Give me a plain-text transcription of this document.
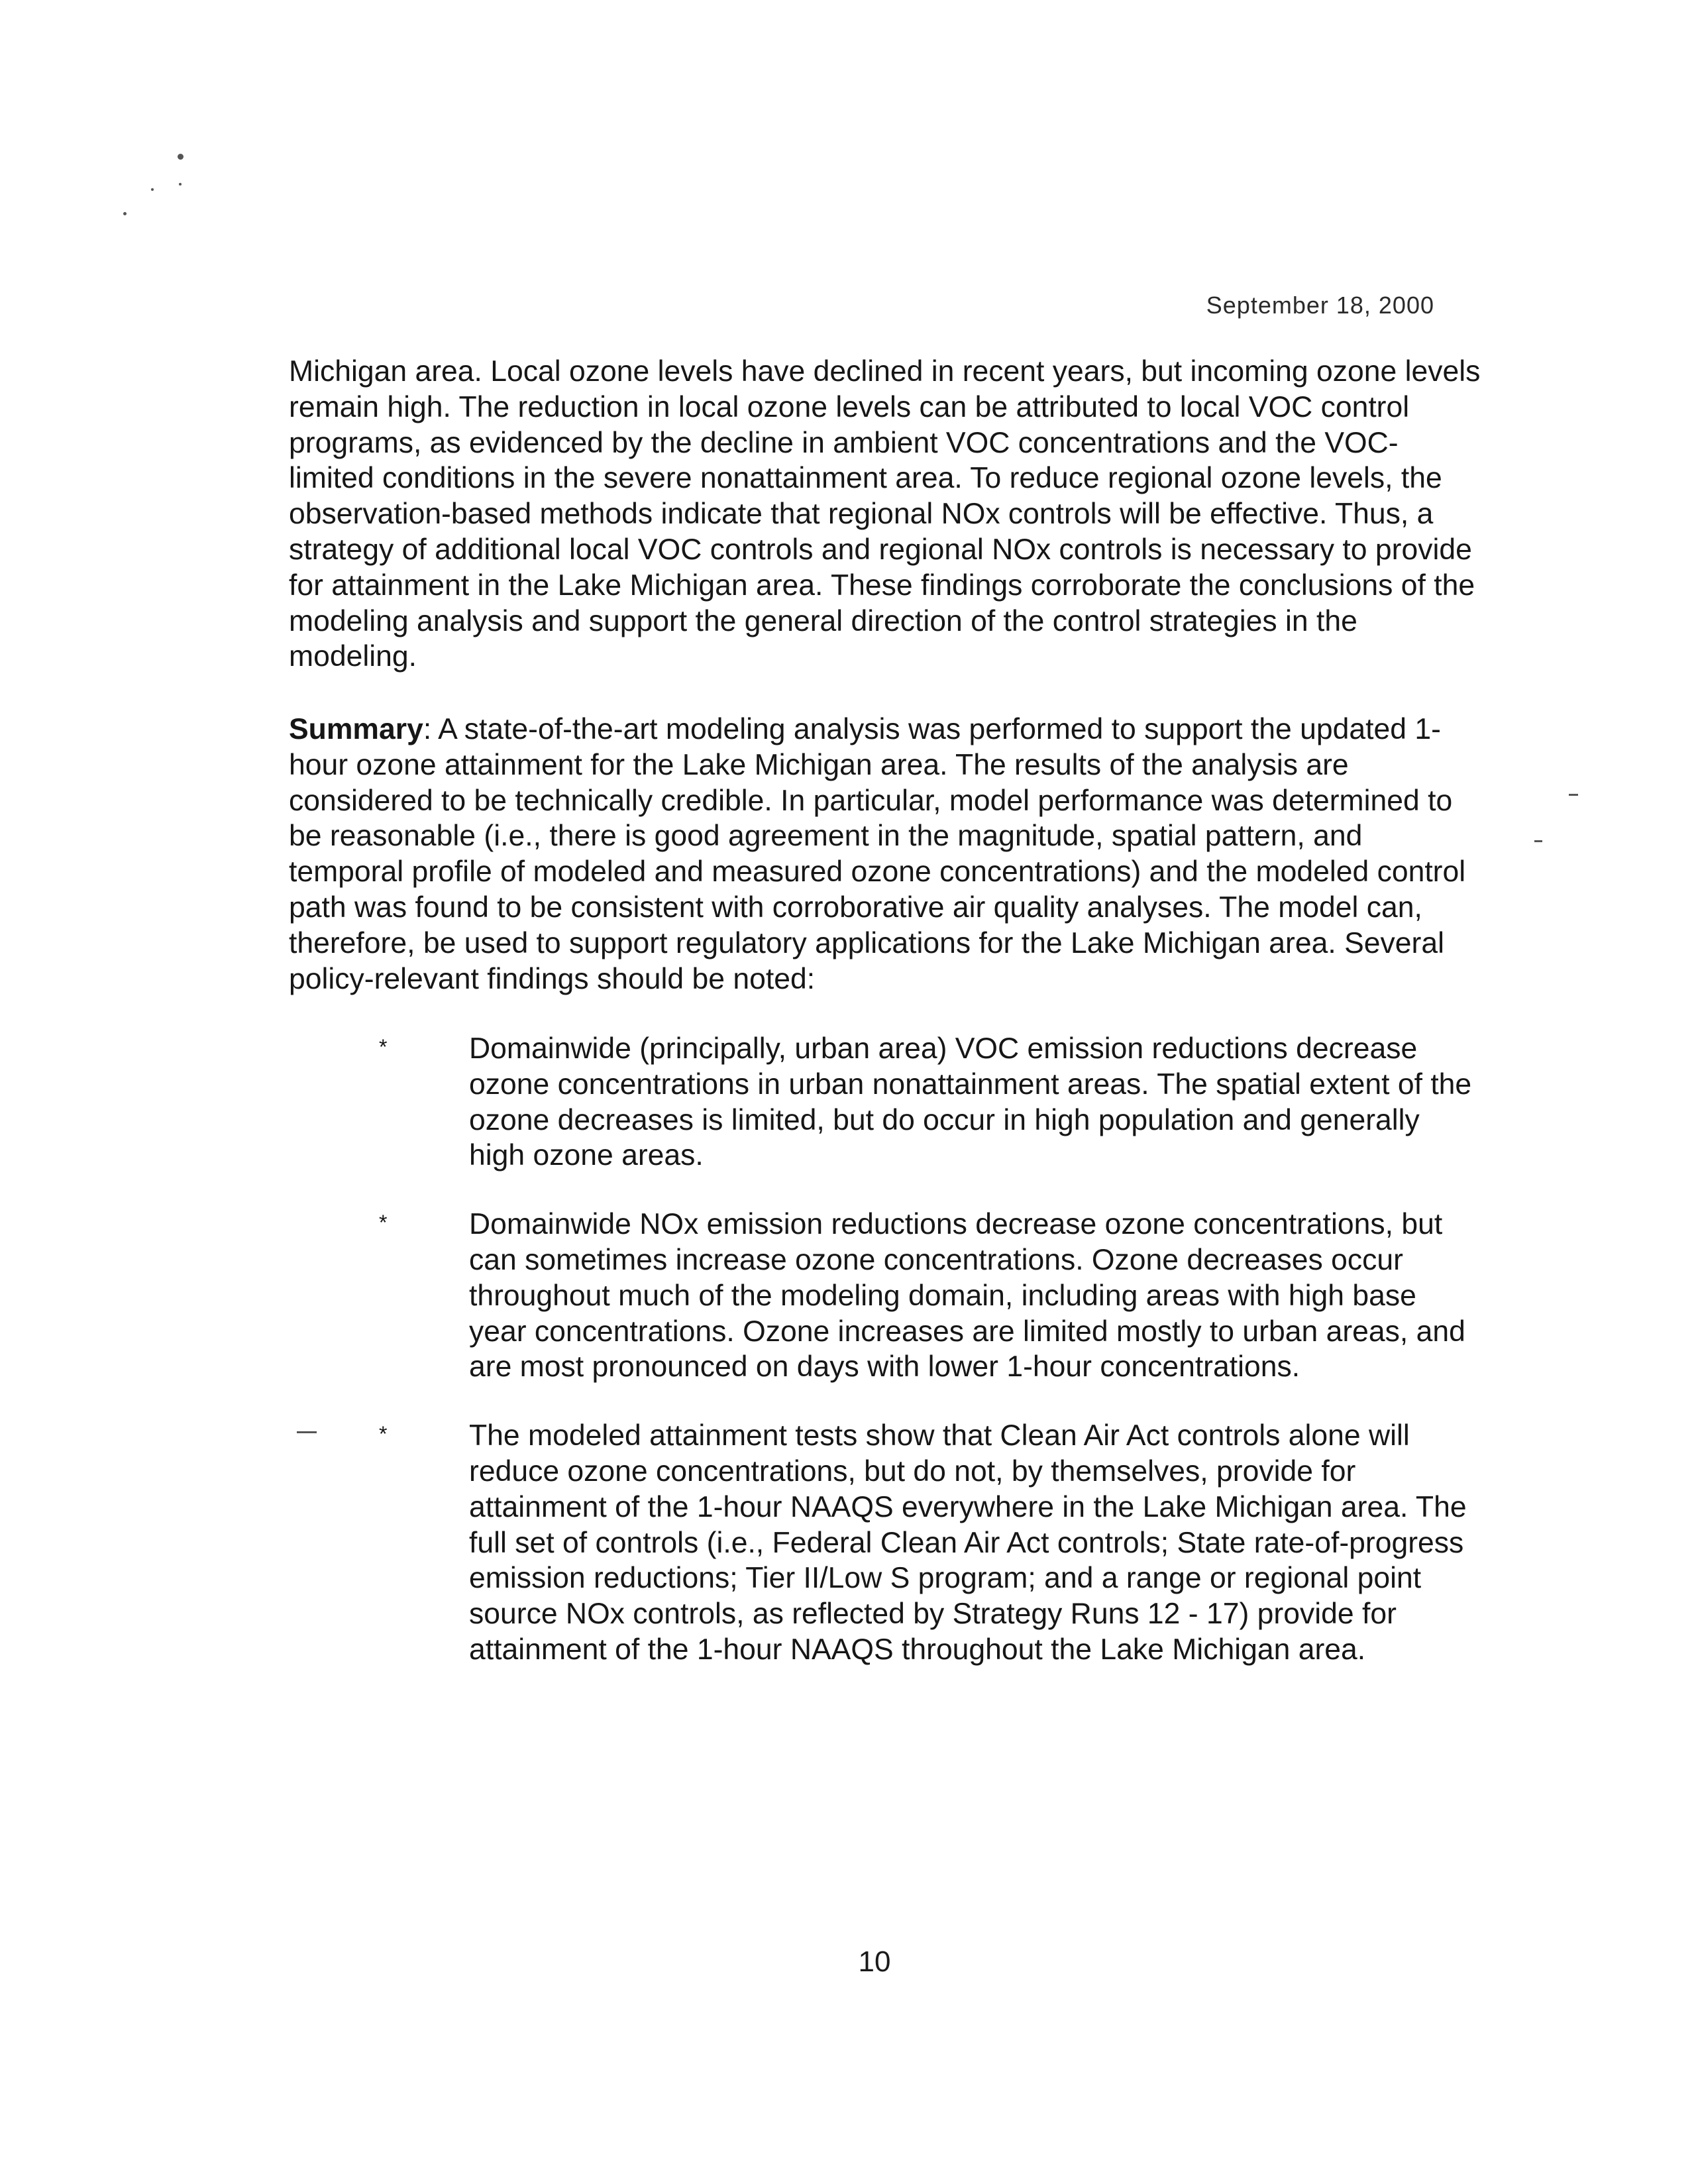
September 18, 2000
Michigan area. Local ozone levels have declined in recent years, but incoming ozone levels remain high. The reduction in local ozone levels can be attributed to local VOC control programs, as evidenced by the decline in ambient VOC concentrations and the VOC-limited conditions in the severe nonattainment area. To reduce regional ozone levels, the observation-based methods indicate that regional NOx controls will be effective. Thus, a strategy of additional local VOC controls and regional NOx controls is necessary to provide for attainment in the Lake Michigan area. These findings corroborate the conclusions of the modeling analysis and support the general direction of the control strategies in the modeling.
Summary: A state-of-the-art modeling analysis was performed to support the updated 1-hour ozone attainment for the Lake Michigan area. The results of the analysis are considered to be technically credible. In particular, model performance was determined to be reasonable (i.e., there is good agreement in the magnitude, spatial pattern, and temporal profile of modeled and measured ozone concentrations) and the modeled control path was found to be consistent with corroborative air quality analyses. The model can, therefore, be used to support regulatory applications for the Lake Michigan area. Several policy-relevant findings should be noted:
*	Domainwide (principally, urban area) VOC emission reductions decrease ozone concentrations in urban nonattainment areas. The spatial extent of the ozone decreases is limited, but do occur in high population and generally high ozone areas.
*	Domainwide NOx emission reductions decrease ozone concentrations, but can sometimes increase ozone concentrations. Ozone decreases occur throughout much of the modeling domain, including areas with high base year concentrations. Ozone increases are limited mostly to urban areas, and are most pronounced on days with lower 1-hour concentrations.
*	The modeled attainment tests show that Clean Air Act controls alone will reduce ozone concentrations, but do not, by themselves, provide for attainment of the 1-hour NAAQS everywhere in the Lake Michigan area. The full set of controls (i.e., Federal Clean Air Act controls; State rate-of-progress emission reductions; Tier II/Low S program; and a range or regional point source NOx controls, as reflected by Strategy Runs 12 - 17) provide for attainment of the 1-hour NAAQS throughout the Lake Michigan area.
10
